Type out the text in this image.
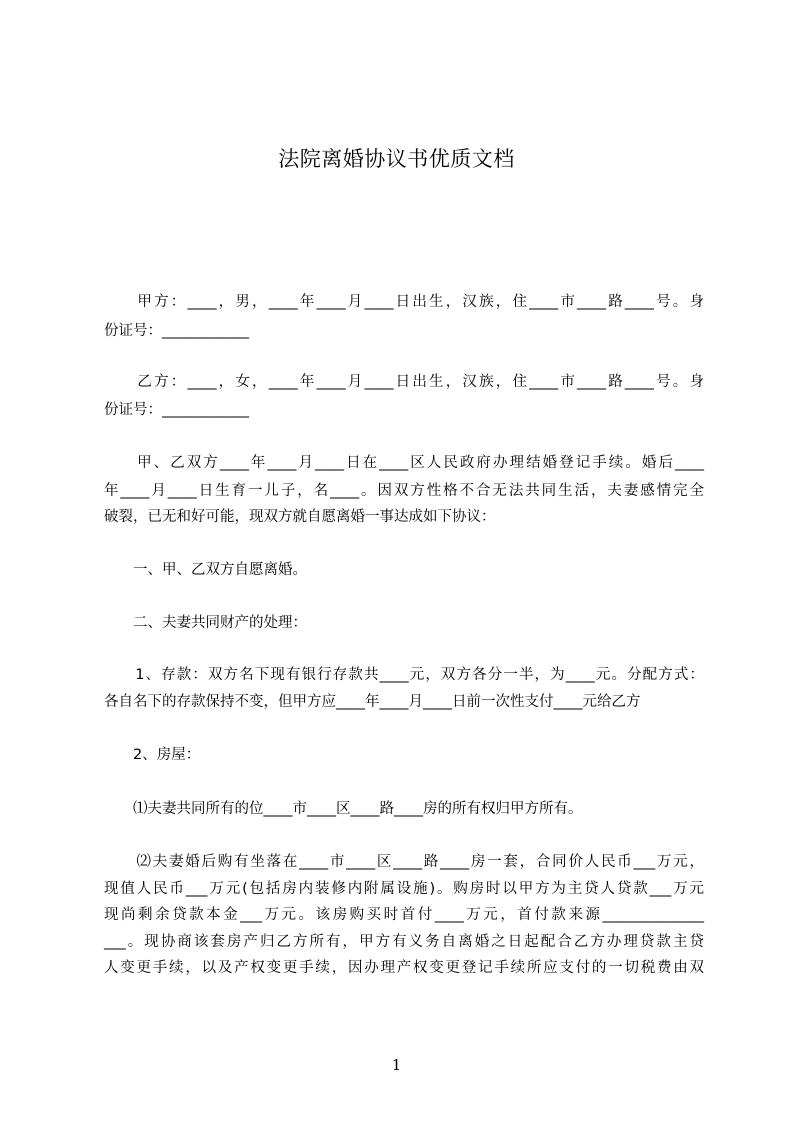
法院离婚协议书优质文档
　　甲方：____，男，____年____月____日出生，汉族，住____市____路____号。身
份证号：____________
　　乙方：____，女，____年____月____日出生，汉族，住____市____路____号。身
份证号：____________
　　甲、乙双方____年____月____日在____区人民政府办理结婚登记手续。婚后____
年____月____日生育一儿子，名____。因双方性格不合无法共同生活，夫妻感情完全
破裂，已无和好可能，现双方就自愿离婚一事达成如下协议：
　　一、甲、乙双方自愿离婚。
　　二、夫妻共同财产的处理：
　　1、存款：双方名下现有银行存款共____元，双方各分一半，为____元。分配方式：
各自名下的存款保持不变，但甲方应____年____月____日前一次性支付____元给乙方
　　2、房屋：
　　⑴夫妻共同所有的位____市____区____路____房的所有权归甲方所有。
　　⑵夫妻婚后购有坐落在____市____区____路____房一套，合同价人民币___万元，
现值人民币___万元(包括房内装修内附属设施)。购房时以甲方为主贷人贷款___万元
现尚剩余贷款本金___万元。该房购买时首付____万元，首付款来源______________
___。现协商该套房产归乙方所有，甲方有义务自离婚之日起配合乙方办理贷款主贷
人变更手续，以及产权变更手续，因办理产权变更登记手续所应支付的一切税费由双
1
